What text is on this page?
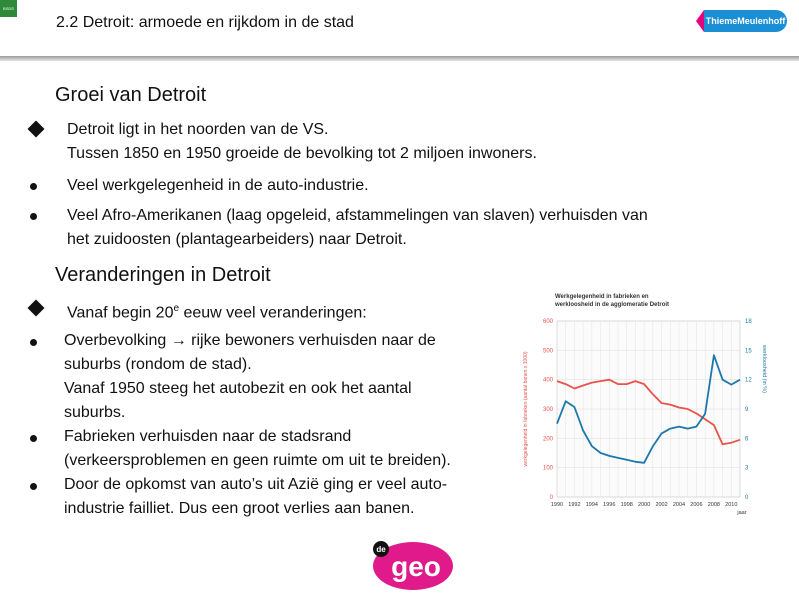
BSDS
2.2 Detroit: armoede en rijkdom in de stad	ThiemeMeulenhoff
Groei van Detroit
Detroit ligt in het noorden van de VS.
Tussen 1850 en 1950 groeide de bevolking tot 2 miljoen inwoners.
Veel werkgelegenheid in de auto-industrie.
Veel Afro-Amerikanen (laag opgeleid, afstammelingen van slaven) verhuisden van
het zuidoosten (plantagearbeiders) naar Detroit.
Veranderingen in Detroit
Vanaf begin 20e eeuw veel veranderingen:
Overbevolking → rijke bewoners verhuisden naar de
suburbs (rondom de stad).
Vanaf 1950 steeg het autobezit en ook het aantal
suburbs.
Fabrieken verhuisden naar de stadsrand
(verkeersproblemen en geen ruimte om uit te breiden).
Door de opkomst van auto’s uit Azië ging er veel auto-
industrie failliet. Dus een groot verlies aan banen.
Werkgelegenheid in fabrieken en
werkloosheid in de agglomeratie Detroit
0
100
200
300
400
500
600
0
3
6
9
12
15
18
1990 1992 1994 1996 1998 2000 2002 2004 2006 2008 2010
jaar
werkgelegenheid in fabrieken (aantal banen x 1000)	werkloosheid (in %)
de
geo
